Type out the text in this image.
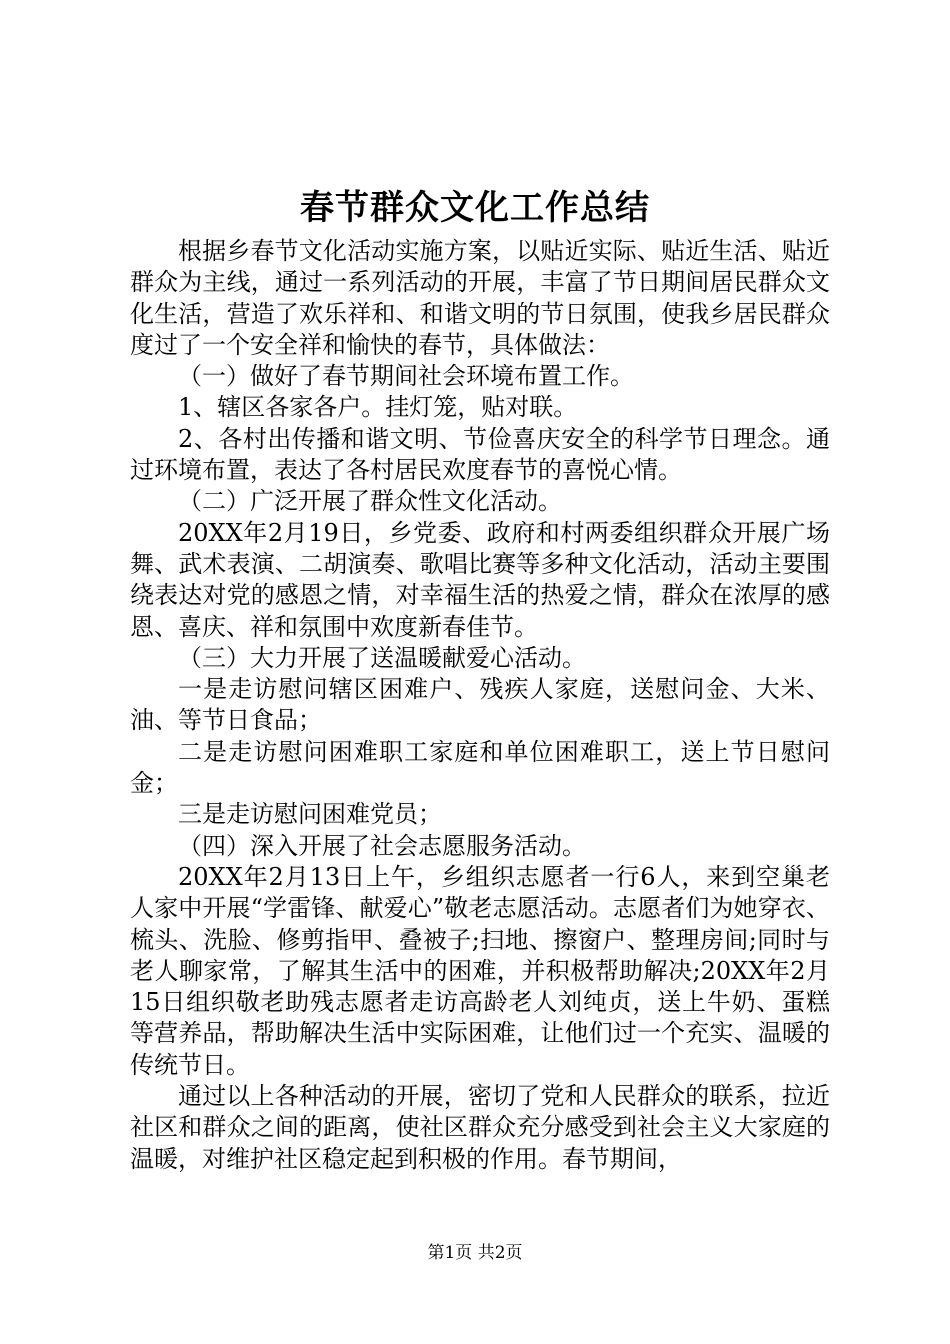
春节群众文化工作总结

根据乡春节文化活动实施方案，以贴近实际、贴近生活、贴近群众为主线，通过一系列活动的开展，丰富了节日期间居民群众文化生活，营造了欢乐祥和、和谐文明的节日氛围，使我乡居民群众度过了一个安全祥和愉快的春节，具体做法：

（一）做好了春节期间社会环境布置工作。

1、辖区各家各户。挂灯笼，贴对联。

2、各村出传播和谐文明、节俭喜庆安全的科学节日理念。通过环境布置，表达了各村居民欢度春节的喜悦心情。

（二）广泛开展了群众性文化活动。

20XX年2月19日，乡党委、政府和村两委组织群众开展广场舞、武术表演、二胡演奏、歌唱比赛等多种文化活动，活动主要围绕表达对党的感恩之情，对幸福生活的热爱之情，群众在浓厚的感恩、喜庆、祥和氛围中欢度新春佳节。

（三）大力开展了送温暖献爱心活动。

一是走访慰问辖区困难户、残疾人家庭，送慰问金、大米、油、等节日食品；

二是走访慰问困难职工家庭和单位困难职工，送上节日慰问金；

三是走访慰问困难党员；

（四）深入开展了社会志愿服务活动。

20XX年2月13日上午，乡组织志愿者一行6人，来到空巢老人家中开展“学雷锋、献爱心”敬老志愿活动。志愿者们为她穿衣、梳头、洗脸、修剪指甲、叠被子;扫地、擦窗户、整理房间;同时与老人聊家常，了解其生活中的困难，并积极帮助解决;20XX年2月15日组织敬老助残志愿者走访高龄老人刘纯贞，送上牛奶、蛋糕等营养品，帮助解决生活中实际困难，让他们过一个充实、温暖的传统节日。

通过以上各种活动的开展，密切了党和人民群众的联系，拉近社区和群众之间的距离，使社区群众充分感受到社会主义大家庭的温暖，对维护社区稳定起到积极的作用。春节期间，

第1页 共2页
